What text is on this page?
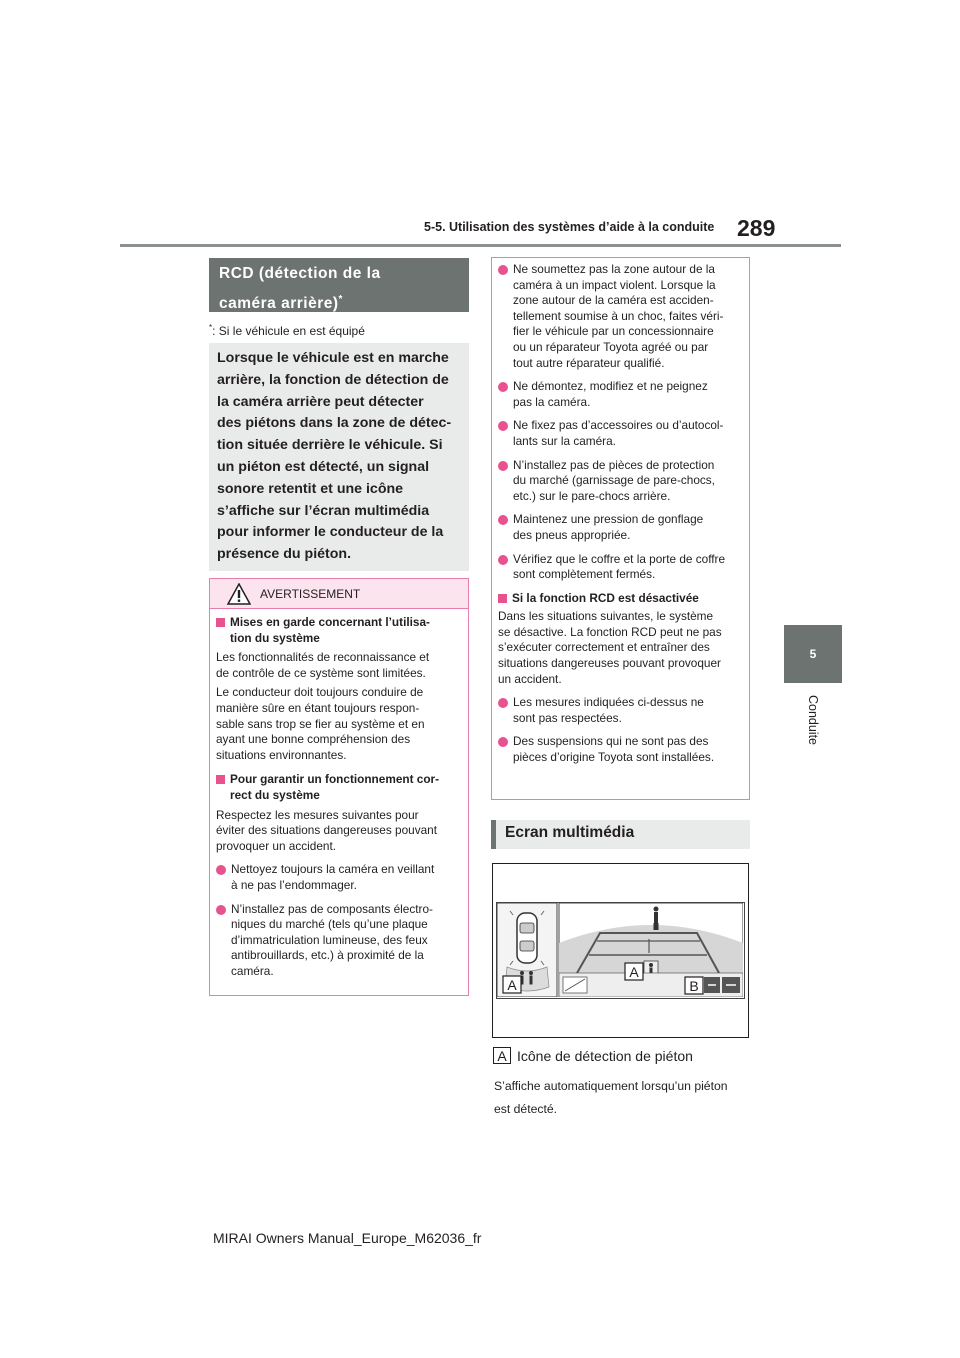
289
5-5. Utilisation des systèmes d’aide à la conduite
5
Conduite
RCD (détection de la
caméra arrière)*
*: Si le véhicule en est équipé

Lorsque le véhicule est en marche
arrière, la fonction de détection de
la caméra arrière peut détecter
des piétons dans la zone de détec-
tion située derrière le véhicule. Si
un piéton est détecté, un signal
sonore retentit et une icône
s’affiche sur l’écran multimédia
pour informer le conducteur de la
présence du piéton.

AVERTISSEMENT
Mises en garde concernant l’utilisa-
tion du système
Les fonctionnalités de reconnaissance et
de contrôle de ce système sont limitées.
Le conducteur doit toujours conduire de
manière sûre en étant toujours respon-
sable sans trop se fier au système et en
ayant une bonne compréhension des
situations environnantes.
Pour garantir un fonctionnement cor-
rect du système
Respectez les mesures suivantes pour
éviter des situations dangereuses pouvant
provoquer un accident.
Nettoyez toujours la caméra en veillant
à ne pas l’endommager.
N’installez pas de composants électro-
niques du marché (tels qu’une plaque
d’immatriculation lumineuse, des feux
antibrouillards, etc.) à proximité de la
caméra.
Ne soumettez pas la zone autour de la
caméra à un impact violent. Lorsque la
zone autour de la caméra est acciden-
tellement soumise à un choc, faites véri-
fier le véhicule par un concessionnaire
ou un réparateur Toyota agréé ou par
tout autre réparateur qualifié.
Ne démontez, modifiez et ne peignez
pas la caméra.
Ne fixez pas d’accessoires ou d’autocol-
lants sur la caméra.
N’installez pas de pièces de protection
du marché (garnissage de pare-chocs,
etc.) sur le pare-chocs arrière.
Maintenez une pression de gonflage
des pneus appropriée.
Vérifiez que le coffre et la porte de coffre
sont complètement fermés.
Si la fonction RCD est désactivée
Dans les situations suivantes, le système
se désactive. La fonction RCD peut ne pas
s’exécuter correctement et entraîner des
situations dangereuses pouvant provoquer
un accident.
Les mesures indiquées ci-dessus ne
sont pas respectées.
Des suspensions qui ne sont pas des
pièces d’origine Toyota sont installées.
Ecran multimédia
A
A
B
A Icône de détection de piéton
S’affiche automatiquement lorsqu’un piéton
est détecté.
MIRAI Owners Manual_Europe_M62036_fr
